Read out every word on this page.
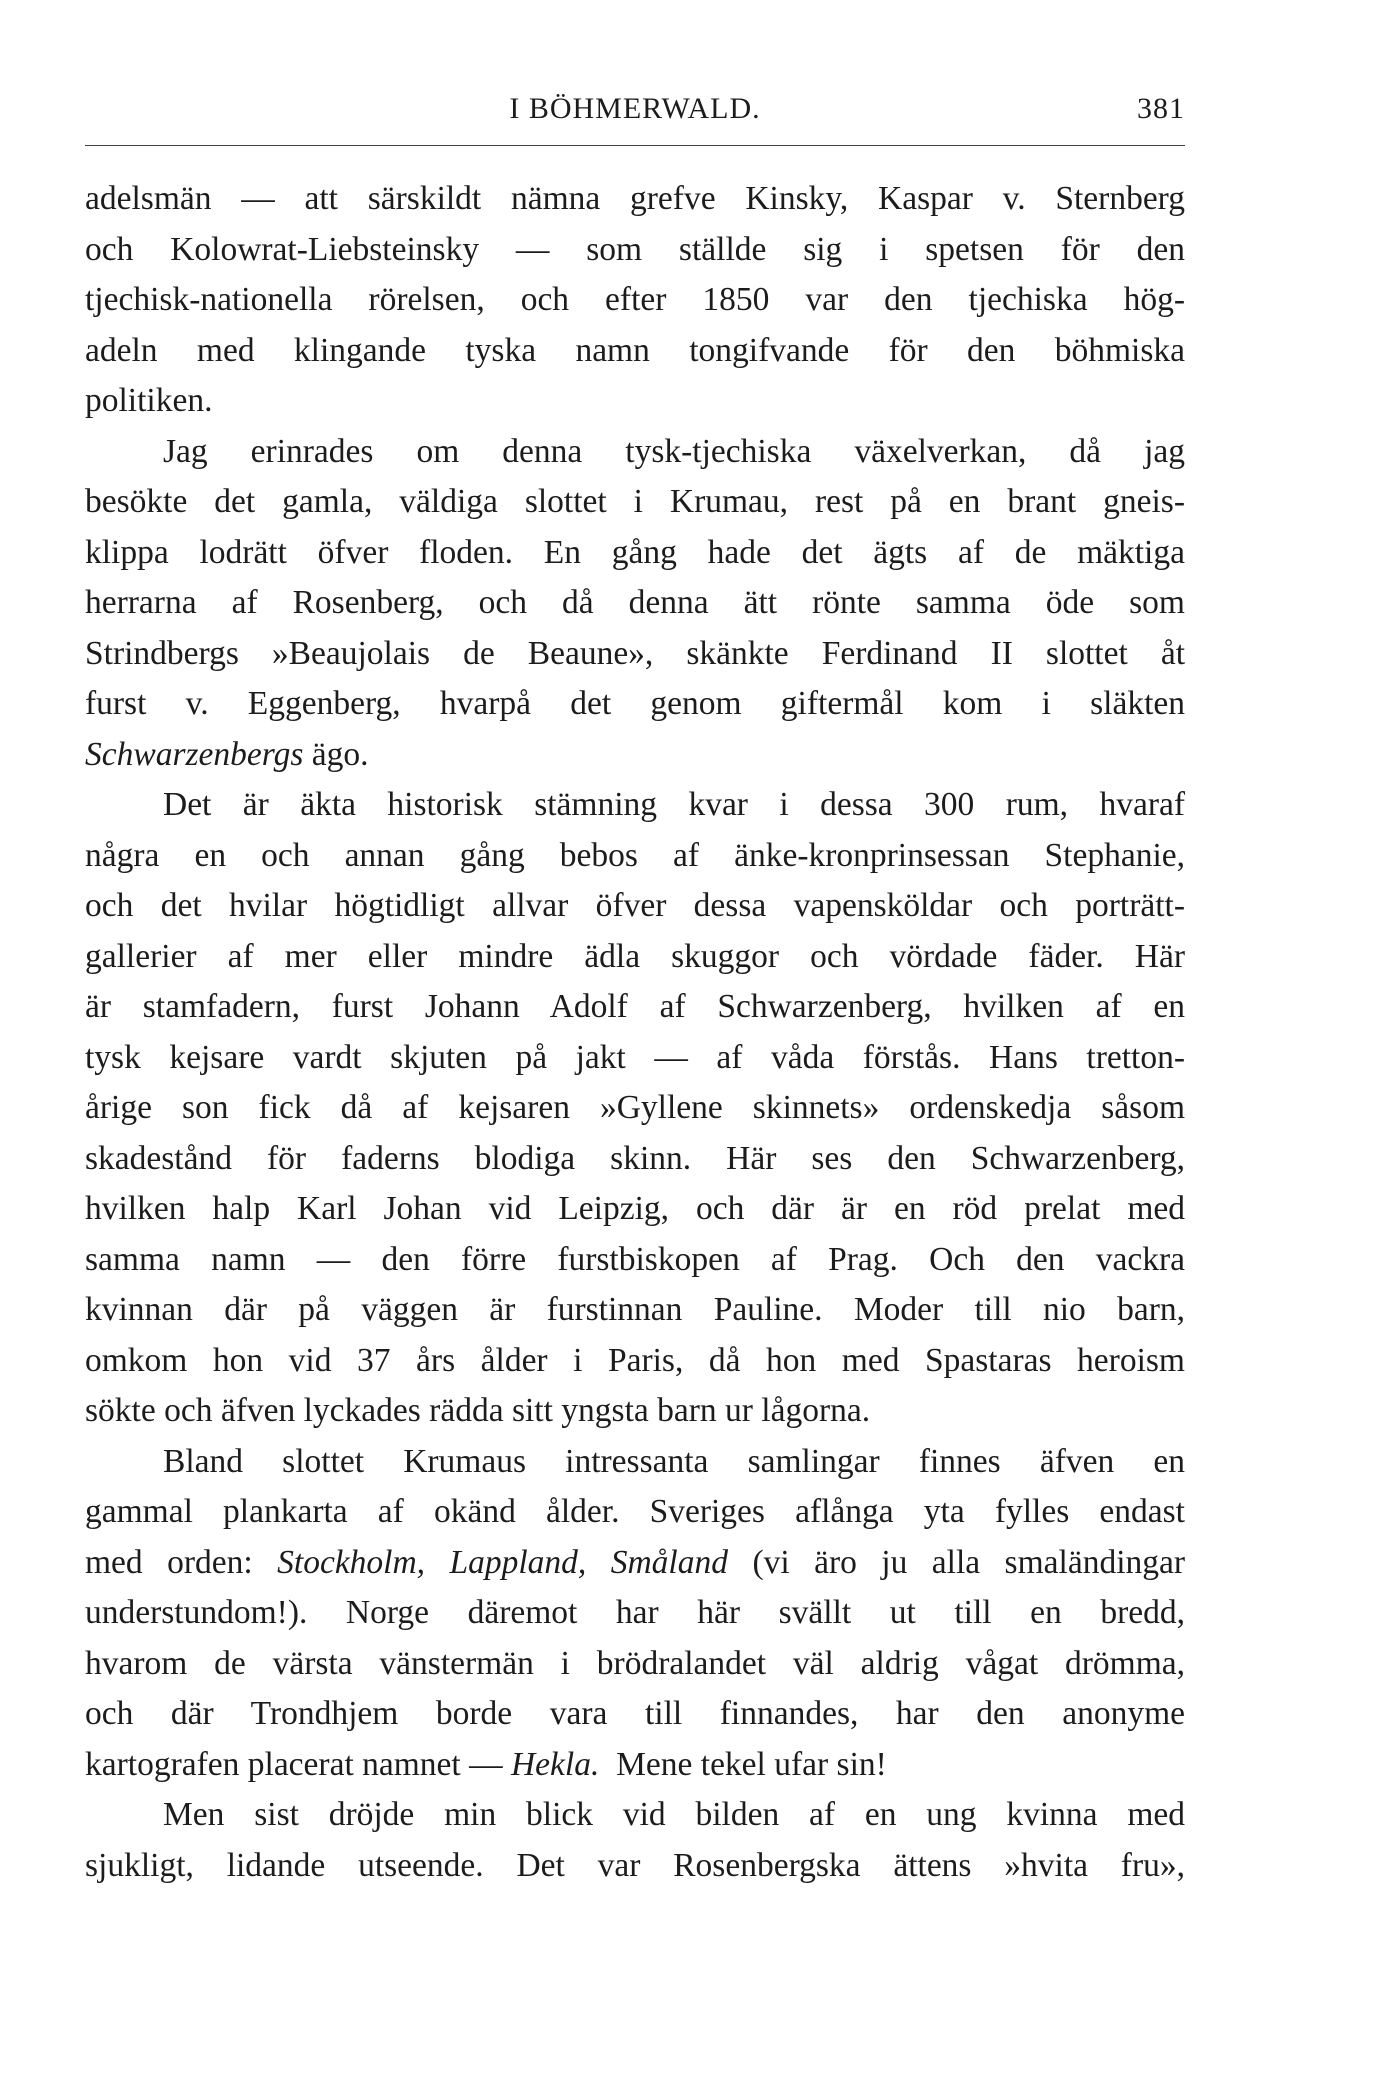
I BÖHMERWALD.	381
adelsmän — att särskildt nämna grefve Kinsky, Kaspar v. Sternberg
och Kolowrat-Liebsteinsky — som ställde sig i spetsen för den
tjechisk-nationella rörelsen, och efter 1850 var den tjechiska hög-
adeln med klingande tyska namn tongifvande för den böhmiska
politiken.
Jag erinrades om denna tysk-tjechiska växelverkan, då jag
besökte det gamla, väldiga slottet i Krumau, rest på en brant gneis-
klippa lodrätt öfver floden. En gång hade det ägts af de mäktiga
herrarna af Rosenberg, och då denna ätt rönte samma öde som
Strindbergs »Beaujolais de Beaune», skänkte Ferdinand II slottet åt
furst v. Eggenberg, hvarpå det genom giftermål kom i släkten
Schwarzenbergs ägo.
Det är äkta historisk stämning kvar i dessa 300 rum, hvaraf
några en och annan gång bebos af änke-kronprinsessan Stephanie,
och det hvilar högtidligt allvar öfver dessa vapensköldar och porträtt-
gallerier af mer eller mindre ädla skuggor och vördade fäder. Här
är stamfadern, furst Johann Adolf af Schwarzenberg, hvilken af en
tysk kejsare vardt skjuten på jakt — af våda förstås. Hans tretton-
årige son fick då af kejsaren »Gyllene skinnets» ordenskedja såsom
skadestånd för faderns blodiga skinn. Här ses den Schwarzenberg,
hvilken halp Karl Johan vid Leipzig, och där är en röd prelat med
samma namn — den förre furstbiskopen af Prag. Och den vackra
kvinnan där på väggen är furstinnan Pauline. Moder till nio barn,
omkom hon vid 37 års ålder i Paris, då hon med Spastaras heroism
sökte och äfven lyckades rädda sitt yngsta barn ur lågorna.
Bland slottet Krumaus intressanta samlingar finnes äfven en
gammal plankarta af okänd ålder. Sveriges aflånga yta fylles endast
med orden: Stockholm, Lappland, Småland (vi äro ju alla smaländingar
understundom!). Norge däremot har här svällt ut till en bredd,
hvarom de värsta vänstermän i brödralandet väl aldrig vågat drömma,
och där Trondhjem borde vara till finnandes, har den anonyme
kartografen placerat namnet — Hekla. Mene tekel ufar sin!
Men sist dröjde min blick vid bilden af en ung kvinna med
sjukligt, lidande utseende. Det var Rosenbergska ättens »hvita fru»,
